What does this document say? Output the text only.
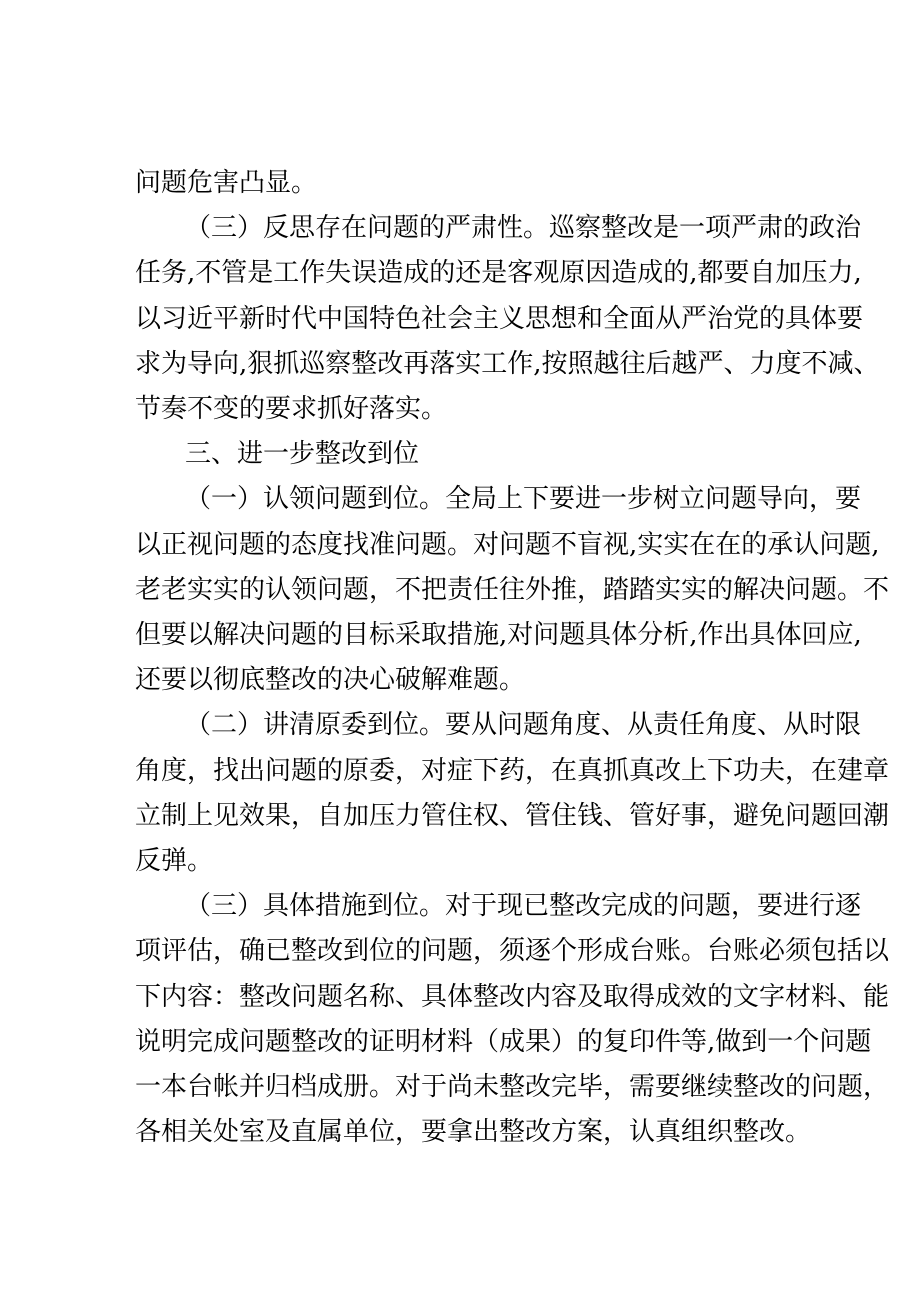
问题危害凸显。
（三）反思存在问题的严肃性。巡察整改是一项严肃的政治
任务,不管是工作失误造成的还是客观原因造成的,都要自加压力,
以习近平新时代中国特色社会主义思想和全面从严治党的具体要
求为导向,狠抓巡察整改再落实工作,按照越往后越严、力度不减、
节奏不变的要求抓好落实。
三、进一步整改到位
（一）认领问题到位。全局上下要进一步树立问题导向，要
以正视问题的态度找准问题。对问题不盲视,实实在在的承认问题,
老老实实的认领问题，不把责任往外推，踏踏实实的解决问题。不
但要以解决问题的目标采取措施,对问题具体分析,作出具体回应,
还要以彻底整改的决心破解难题。
（二）讲清原委到位。要从问题角度、从责任角度、从时限
角度，找出问题的原委，对症下药，在真抓真改上下功夫，在建章
立制上见效果，自加压力管住权、管住钱、管好事，避免问题回潮
反弹。
（三）具体措施到位。对于现已整改完成的问题，要进行逐
项评估，确已整改到位的问题，须逐个形成台账。台账必须包括以
下内容：整改问题名称、具体整改内容及取得成效的文字材料、能
说明完成问题整改的证明材料（成果）的复印件等,做到一个问题
一本台帐并归档成册。对于尚未整改完毕，需要继续整改的问题，
各相关处室及直属单位，要拿出整改方案，认真组织整改。
